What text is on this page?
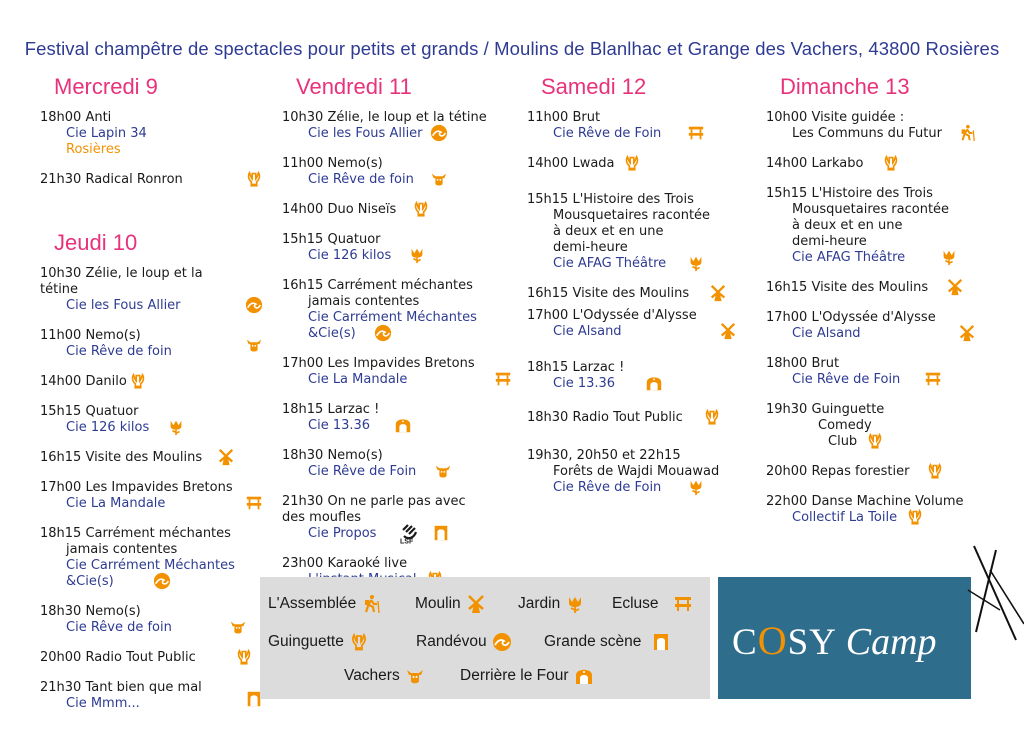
Festival champêtre de spectacles pour petits et grands / Moulins de Blanlhac et Grange des Vachers, 43800 Rosières
Mercredi 9
18h00 Anti
Cie Lapin 34
Rosières
21h30 Radical Ronron
Jeudi 10
10h30 Zélie, le loup et la tétine
Cie les Fous Allier
11h00 Nemo(s)
Cie Rêve de foin
14h00 Danilo
15h15 Quatuor
Cie 126 kilos
16h15 Visite des Moulins
17h00 Les Impavides Bretons
Cie La Mandale
18h15 Carrément méchantes
jamais contentes
Cie Carrément Méchantes
&Cie(s)
18h30 Nemo(s)
Cie Rêve de foin
20h00 Radio Tout Public
21h30 Tant bien que mal
Cie Mmm...
Vendredi 11
10h30 Zélie, le loup et la tétine
Cie les Fous Allier
11h00 Nemo(s)
Cie Rêve de foin
14h00 Duo Niseïs
15h15 Quatuor
Cie 126 kilos
16h15 Carrément méchantes
jamais contentes
Cie Carrément Méchantes
&Cie(s)
17h00 Les Impavides Bretons
Cie La Mandale
18h15 Larzac !
Cie 13.36
18h30 Nemo(s)
Cie Rêve de Foin
21h30 On ne parle pas avec
des moufles
Cie Propos
LSF
23h00 Karaoké live
Samedi 12
11h00 Brut
Cie Rêve de Foin
14h00 Lwada
15h15 L'Histoire des Trois
Mousquetaires racontée
à deux et en une
demi-heure
Cie AFAG Théâtre
16h15 Visite des Moulins
17h00 L'Odyssée d'Alysse
Cie Alsand
18h15 Larzac !
Cie 13.36
18h30 Radio Tout Public
19h30, 20h50 et 22h15
Forêts de Wajdi Mouawad
Cie Rêve de Foin
Dimanche 13
10h00 Visite guidée :
Les Communs du Futur
14h00 Larkabo
15h15 L'Histoire des Trois
Mousquetaires racontée
à deux et en une
demi-heure
Cie AFAG Théâtre
16h15 Visite des Moulins
17h00 L'Odyssée d'Alysse
Cie Alsand
18h00 Brut
Cie Rêve de Foin
19h30 Guinguette
Comedy
Club
20h00 Repas forestier
22h00 Danse Machine Volume
Collectif La Toile
L'Assemblée	Moulin	Jardin	Ecluse
Guinguette	Randévou	Grande scène
Vachers	Derrière le Four
COSY Camp
